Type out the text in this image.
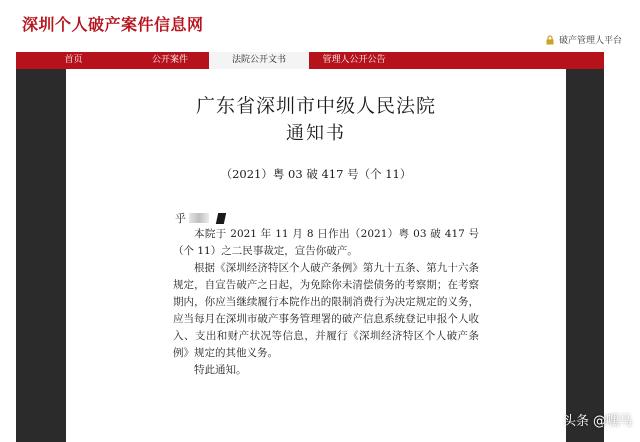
深圳个人破产案件信息网
破产管理人平台
首页	公开案件	法院公开文书	管理人公开公告
广东省深圳市中级人民法院
通知书
（2021）粤 03 破 417 号（个 11）
乎

本院于 2021 年 11 月 8 日作出（2021）粤 03 破 417 号（个 11）之二民事裁定，宣告你破产。

根据《深圳经济特区个人破产条例》第九十五条、第九十六条规定，自宣告破产之日起，为免除你未清偿债务的考察期；在考察期内，你应当继续履行本院作出的限制消费行为决定规定的义务，应当每月在深圳市破产事务管理署的破产信息系统登记申报个人收入、支出和财产状况等信息，并履行《深圳经济特区个人破产条例》规定的其他义务。

特此通知。

头条 @嘿马
